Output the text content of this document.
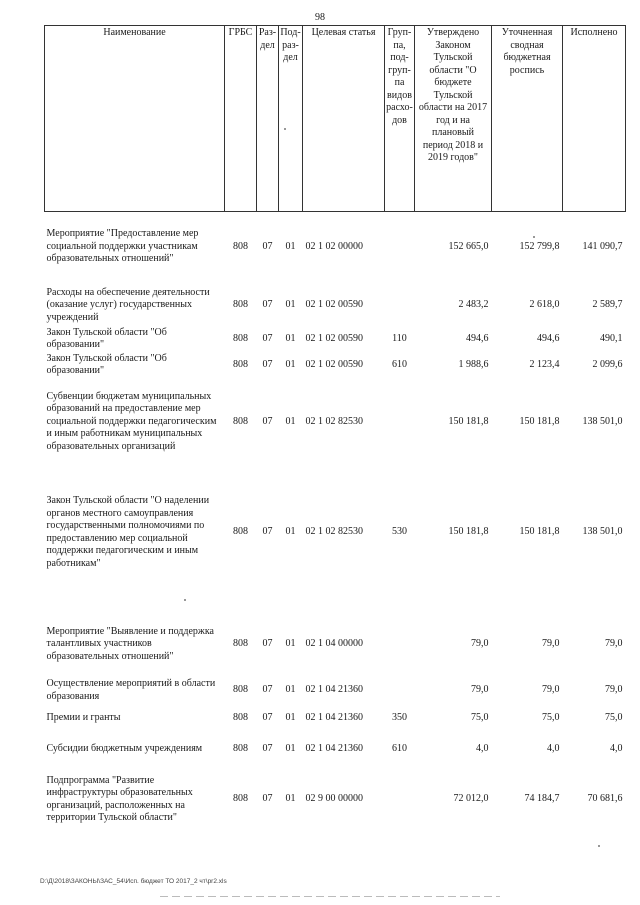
98
Наименование	ГРБС	Раз-дел	Под-раз-дел	Целевая статья	Груп-па, под-груп-па видов расхо-дов	Утверждено Законом Тульской области "О бюджете Тульской области на 2017 год и на плановый период 2018 и 2019 годов"	Уточненная сводная бюджетная роспись	Исполнено
Мероприятие "Предоставление мер социальной поддержки участникам образовательных отношений"	808	07	01	02 1 02 00000		152 665,0	152 799,8	141 090,7
Расходы на обеспечение деятельности (оказание услуг) государственных учреждений	808	07	01	02 1 02 00590		2 483,2	2 618,0	2 589,7
Закон Тульской области "Об образовании"	808	07	01	02 1 02 00590	110	494,6	494,6	490,1
Закон Тульской области "Об образовании"	808	07	01	02 1 02 00590	610	1 988,6	2 123,4	2 099,6
Субвенции бюджетам муниципальных образований на предоставление мер социальной поддержки педагогическим и иным работникам муниципальных образовательных организаций	808	07	01	02 1 02 82530		150 181,8	150 181,8	138 501,0
Закон Тульской области "О наделении органов местного самоуправления государственными полномочиями по предоставлению мер социальной поддержки педагогическим и иным работникам"	808	07	01	02 1 02 82530	530	150 181,8	150 181,8	138 501,0
Мероприятие "Выявление и поддержка талантливых участников образовательных отношений"	808	07	01	02 1 04 00000		79,0	79,0	79,0
Осуществление мероприятий в области образования	808	07	01	02 1 04 21360		79,0	79,0	79,0
Премии и гранты	808	07	01	02 1 04 21360	350	75,0	75,0	75,0
Субсидии бюджетным учреждениям	808	07	01	02 1 04 21360	610	4,0	4,0	4,0
Подпрограмма "Развитие инфраструктуры образовательных организаций, расположенных на территории Тульской области"	808	07	01	02 9 00 00000		72 012,0	74 184,7	70 681,6
D:\Д\2018\ЗАКОНЫ\ЗАС_54\Исп. бюджет ТО 2017_2 чт\pr2.xls
